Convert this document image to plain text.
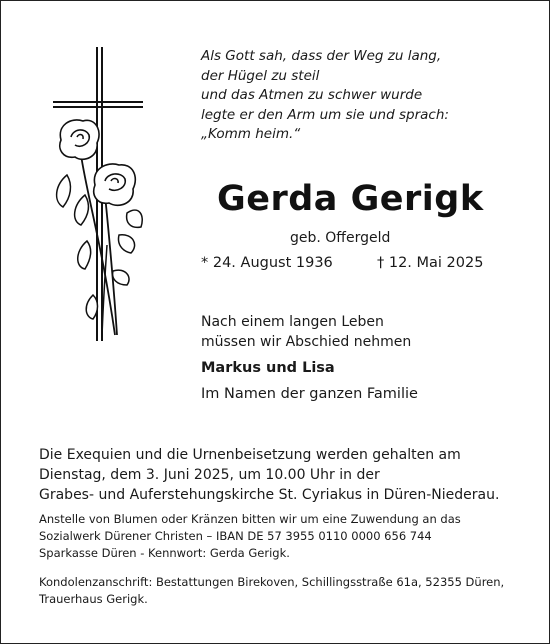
Als Gott sah, dass der Weg zu lang,
der Hügel zu steil
und das Atmen zu schwer wurde
legte er den Arm um sie und sprach:
„Komm heim.“
Gerda Gerigk
geb. Offergeld
* 24. August 1936	† 12. Mai 2025
Nach einem langen Leben
müssen wir Abschied nehmen
Markus und Lisa
Im Namen der ganzen Familie
Die Exequien und die Urnenbeisetzung werden gehalten am
Dienstag, dem 3. Juni 2025, um 10.00 Uhr in der
Grabes- und Auferstehungskirche St. Cyriakus in Düren-Niederau.
Anstelle von Blumen oder Kränzen bitten wir um eine Zuwendung an das
Sozialwerk Dürener Christen – IBAN DE 57 3955 0110 0000 656 744
Sparkasse Düren - Kennwort: Gerda Gerigk.
Kondolenzanschrift: Bestattungen Birekoven, Schillingsstraße 61a, 52355 Düren,
Trauerhaus Gerigk.
